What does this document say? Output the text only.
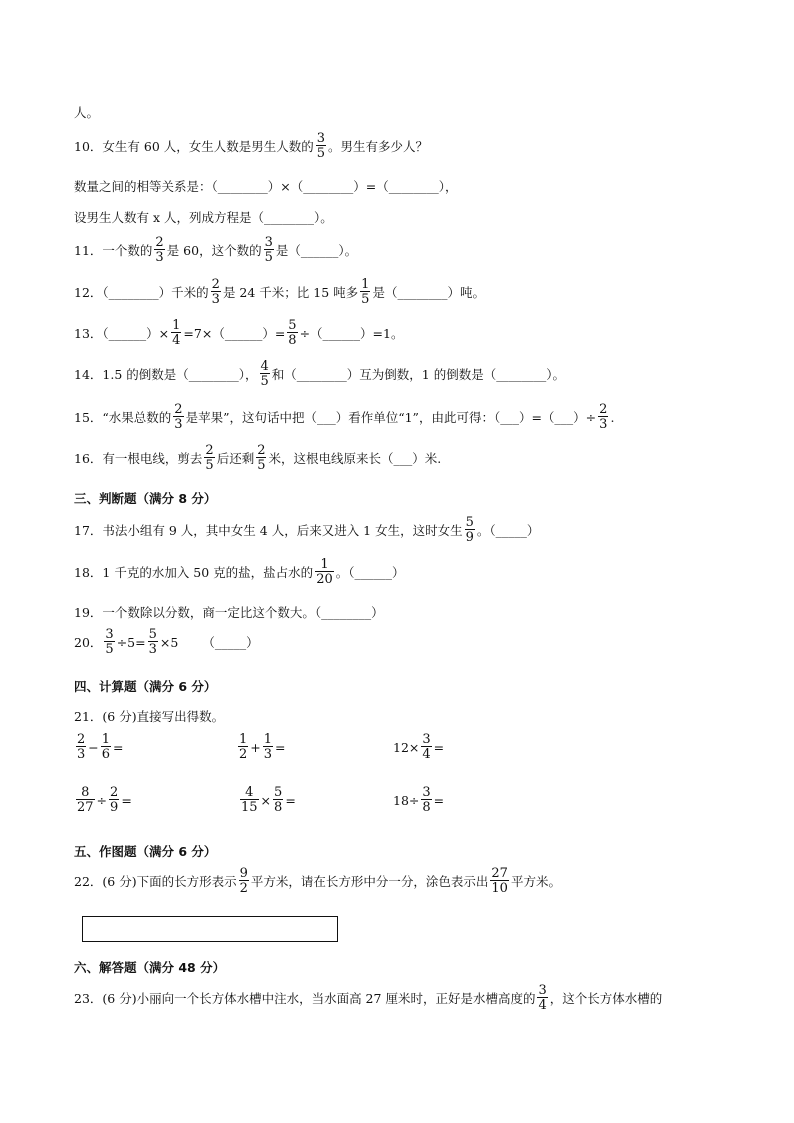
人。
10．女生有 60 人，女生人数是男生人数的 $\frac{3}{5}$ 。男生有多少人？
数量之间的相等关系是：（________）×（________）=（________），
设男生人数有 x 人，列成方程是（________）。
11．一个数的 $\frac{2}{3}$ 是 60，这个数的 $\frac{3}{5}$ 是（______）。
12．（________）千米的 $\frac{2}{3}$ 是 24 千米；比 15 吨多 $\frac{1}{5}$ 是（________）吨。
13．（______）× $\frac{1}{4}$ =7×（______）= $\frac{5}{8}$ ÷（______）=1。
14．1.5 的倒数是（________）， $\frac{4}{5}$ 和（________）互为倒数，1 的倒数是（________）。
15．“水果总数的 $\frac{2}{3}$ 是苹果”，这句话中把（___）看作单位“1”，由此可得：（___）=（___）÷ $\frac{2}{3}$ .
16．有一根电线，剪去 $\frac{2}{5}$ 后还剩 $\frac{2}{5}$ 米，这根电线原来长（___）米.
三、判断题（满分 8 分）
17．书法小组有 9 人，其中女生 4 人，后来又进入 1 女生，这时女生 $\frac{5}{9}$ 。（_____）
18．1 千克的水加入 50 克的盐，盐占水的 $\frac{1}{20}$ 。（______）
19．一个数除以分数，商一定比这个数大。（________）
20． $\frac{3}{5} \div 5= \frac{5}{3} \times 5$ （_____）
四、计算题（满分 6 分）
21．(6 分)直接写出得数。
$\frac{2}{3} - \frac{1}{6}$ =	$\frac{1}{2} + \frac{1}{3}$ =	$12\times \frac{3}{4}$ =
$\frac{8}{27} \div \frac{2}{9}$ =	$\frac{4}{15} \times \frac{5}{8}$ =	$18\div \frac{3}{8}$ =
五、作图题（满分 6 分）
22．(6 分)下面的长方形表示 $\frac{9}{2}$ 平方米，请在长方形中分一分，涂色表示出 $\frac{27}{10}$ 平方米。
六、解答题（满分 48 分）
23．(6 分)小丽向一个长方体水槽中注水，当水面高 27 厘米时，正好是水槽高度的 $\frac{3}{4}$ ，这个长方体水槽的
